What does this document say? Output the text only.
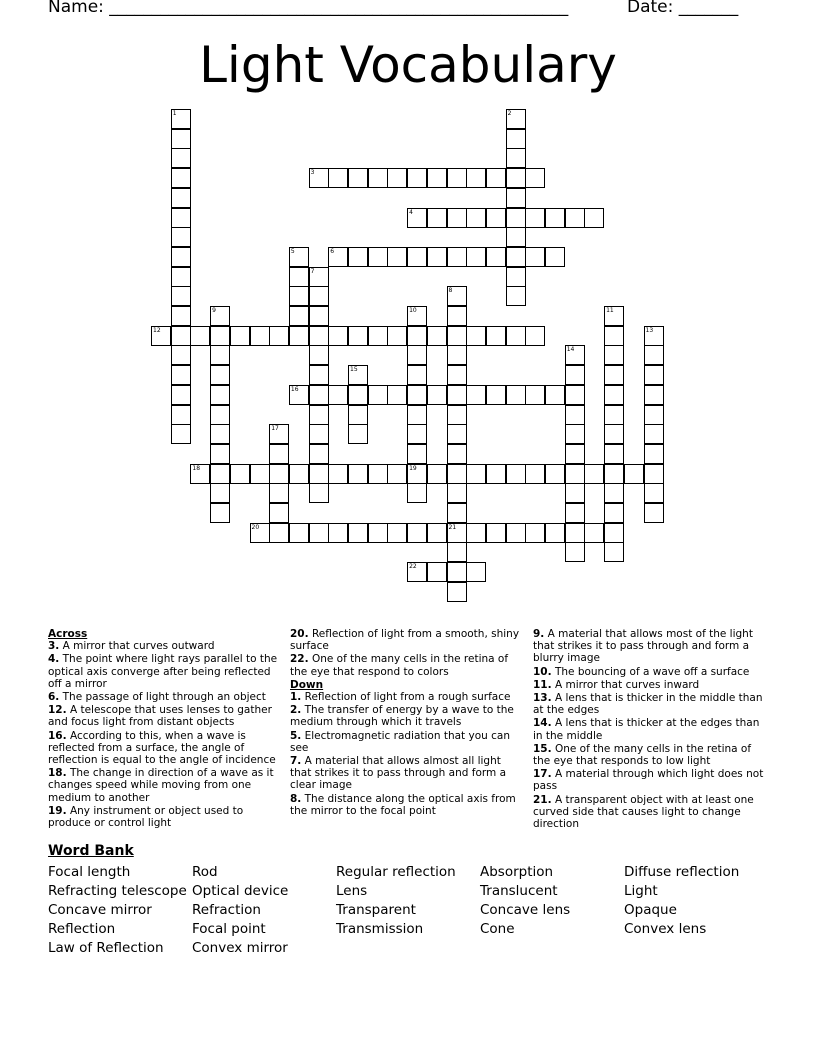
Name: ______________________________________________________	Date: _______
Light Vocabulary
1	2
3
4
5	6
7
8
21
9	10
19
11
12	13
14
15
16
17
18
20
22
Across
3. A mirror that curves outward
4. The point where light rays parallel to the optical axis converge after being reflected off a mirror
6. The passage of light through an object
12. A telescope that uses lenses to gather and focus light from distant objects
16. According to this, when a wave is reflected from a surface, the angle of reflection is equal to the angle of incidence
18. The change in direction of a wave as it changes speed while moving from one medium to another
19. Any instrument or object used to produce or control light
20. Reflection of light from a smooth, shiny surface
22. One of the many cells in the retina of the eye that respond to colors
Down
1. Reflection of light from a rough surface
2. The transfer of energy by a wave to the medium through which it travels
5. Electromagnetic radiation that you can see
7. A material that allows almost all light that strikes it to pass through and form a clear image
8. The distance along the optical axis from the mirror to the focal point
9. A material that allows most of the light that strikes it to pass through and form a blurry image
10. The bouncing of a wave off a surface
11. A mirror that curves inward
13. A lens that is thicker in the middle than at the edges
14. A lens that is thicker at the edges than in the middle
15. One of the many cells in the retina of the eye that responds to low light
17. A material through which light does not pass
21. A transparent object with at least one curved side that causes light to change direction
Word Bank
Focal length
Refracting telescope
Concave mirror
Reflection
Law of Reflection
Rod
Optical device
Refraction
Focal point
Convex mirror
Regular reflection
Lens
Transparent
Transmission
Absorption
Translucent
Concave lens
Cone
Diffuse reflection
Light
Opaque
Convex lens
